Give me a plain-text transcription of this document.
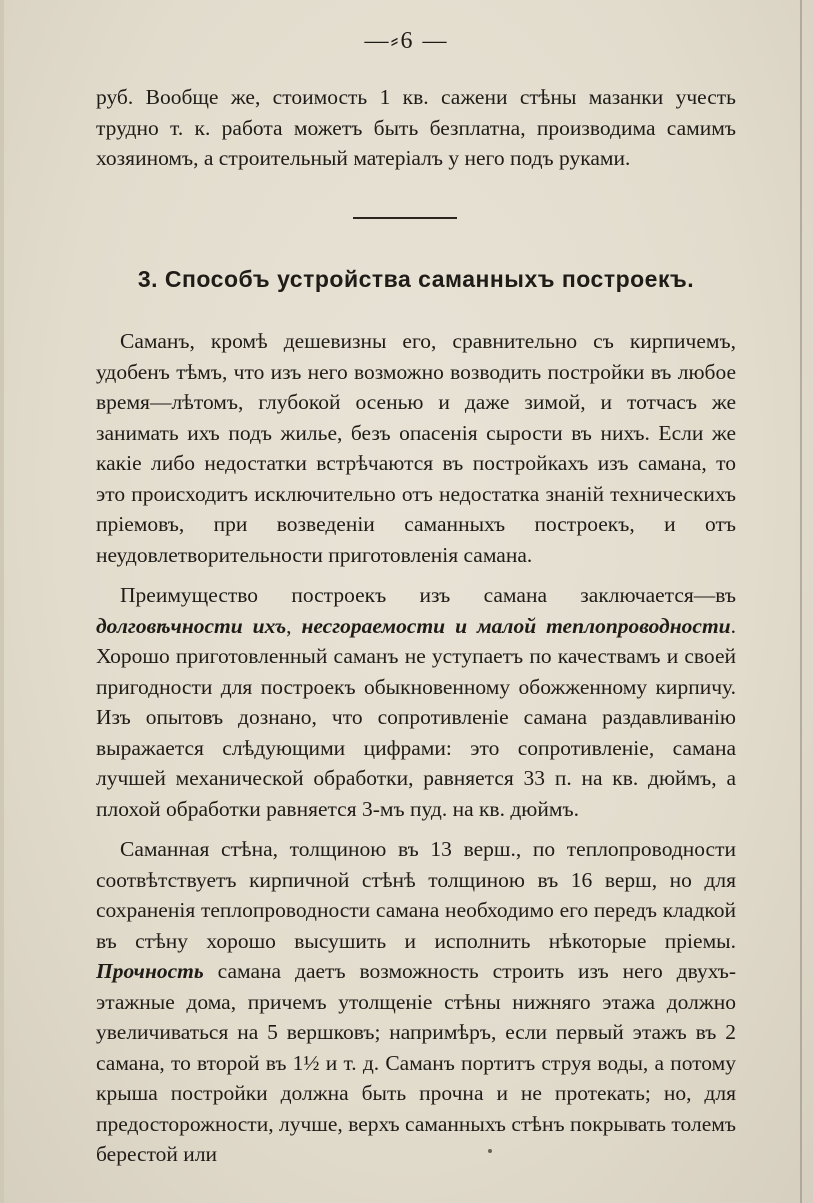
—⸗6 —

руб. Вообще же, стоимость 1 кв. сажени стѣны мазанки учесть трудно т. к. работа можетъ быть безплатна, производима самимъ хозяиномъ, а строительный матеріалъ у него подъ руками.

3. Способъ устройства саманныхъ построекъ.

Саманъ, кромѣ дешевизны его, сравнительно съ кирпичемъ, удобенъ тѣмъ, что изъ него возможно возводить постройки въ любое время—лѣтомъ, глубокой осенью и даже зимой, и тотчасъ же занимать ихъ подъ жилье, безъ опасенія сырости въ нихъ. Если же какіе либо недостатки встрѣчаются въ постройкахъ изъ самана, то это происходитъ исключительно отъ недостатка знаній техническихъ пріемовъ, при возведеніи саманныхъ построекъ, и отъ неудовлетворительности приготовленія самана.

Преимущество построекъ изъ самана заключается—въ долговѣчности ихъ, несгораемости и малой теплопроводности. Хорошо приготовленный саманъ не уступаетъ по качествамъ и своей пригодности для построекъ обыкновенному обожженному кирпичу. Изъ опытовъ дознано, что сопротивленіе самана раздавливанію выражается слѣдующими цифрами: это сопротивленіе, самана лучшей механической обработки, равняется 33 п. на кв. дюймъ, а плохой обработки равняется 3-мъ пуд. на кв. дюймъ.

Саманная стѣна, толщиною въ 13 верш., по теплопроводности соотвѣтствуетъ кирпичной стѣнѣ толщиною въ 16 верш, но для сохраненія теплопроводности самана необходимо его передъ кладкой въ стѣну хорошо высушить и исполнить нѣкоторые пріемы. Прочность самана даетъ возможность строить изъ него двухъ-этажные дома, причемъ утолщеніе стѣны нижняго этажа должно увеличиваться на 5 вершковъ; напримѣръ, если первый этажъ въ 2 самана, то второй въ 1½ и т. д. Саманъ портитъ струя воды, а потому крыша постройки должна быть прочна и не протекать; но, для предосторожности, лучше, верхъ саманныхъ стѣнъ покрывать толемъ берестой или
